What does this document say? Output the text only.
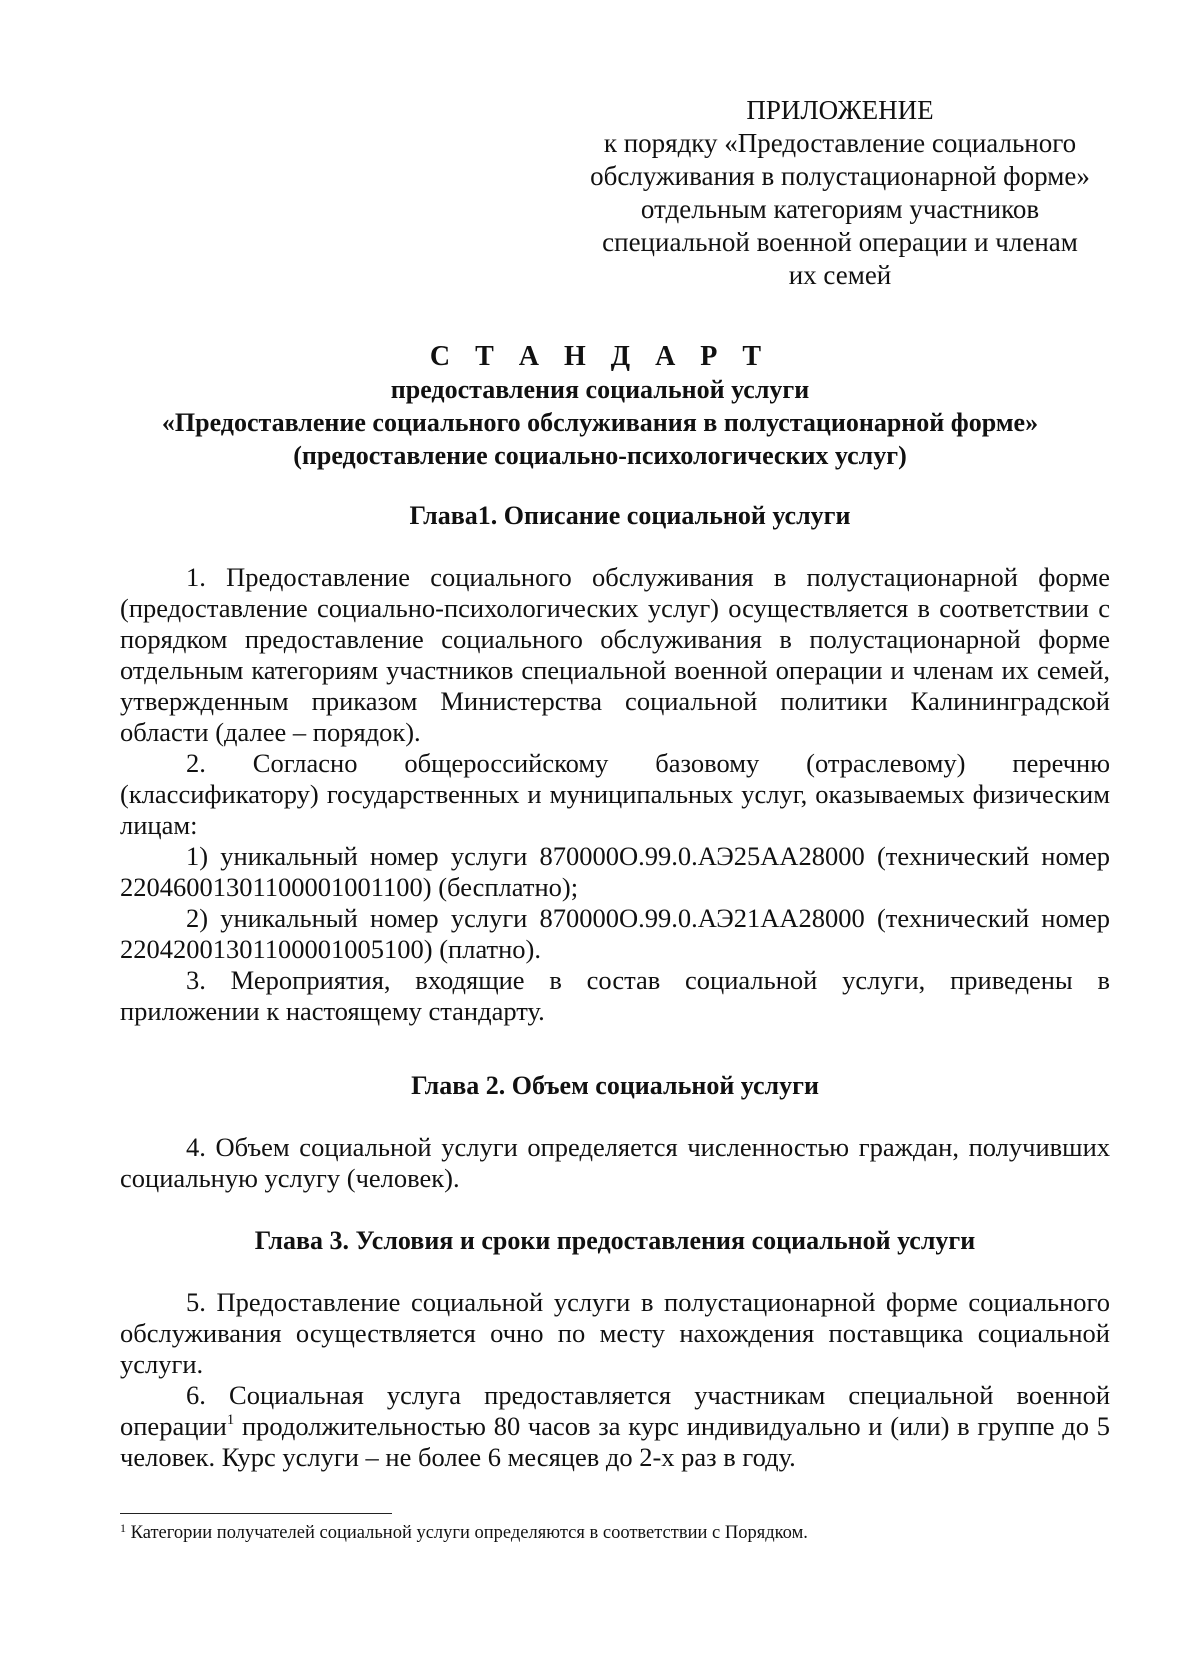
ПРИЛОЖЕНИЕ
к порядку «Предоставление социального
обслуживания в полустационарной форме»
отдельным категориям участников
специальной военной операции и членам
их семей
С Т А Н Д А Р Т
предоставления социальной услуги
«Предоставление социального обслуживания в полустационарной форме»
(предоставление социально-психологических услуг)
Глава1. Описание социальной услуги

1. Предоставление социального обслуживания в полустационарной форме (предоставление социально-психологических услуг) осуществляется в соответствии с порядком предоставление социального обслуживания в полустационарной форме отдельным категориям участников специальной военной операции и членам их семей, утвержденным приказом Министерства социальной политики Калининградской области (далее – порядок).

2. Согласно общероссийскому базовому (отраслевому) перечню (классификатору) государственных и муниципальных услуг, оказываемых физическим лицам:

1) уникальный номер услуги 870000О.99.0.АЭ25АА28000 (технический номер 22046001301100001001100) (бесплатно);

2) уникальный номер услуги 870000О.99.0.АЭ21АА28000 (технический номер 22042001301100001005100) (платно).

3. Мероприятия, входящие в состав социальной услуги, приведены в приложении к настоящему стандарту.

Глава 2. Объем социальной услуги

4. Объем социальной услуги определяется численностью граждан, получивших социальную услугу (человек).

Глава 3. Условия и сроки предоставления социальной услуги

5. Предоставление социальной услуги в полустационарной форме социального обслуживания осуществляется очно по месту нахождения поставщика социальной услуги.

6. Социальная услуга предоставляется участникам специальной военной операции$^1$ продолжительностью 80 часов за курс индивидуально и (или) в группе до 5 человек. Курс услуги – не более 6 месяцев до 2-х раз в году.

$^1$ Категории получателей социальной услуги определяются в соответствии с Порядком.
